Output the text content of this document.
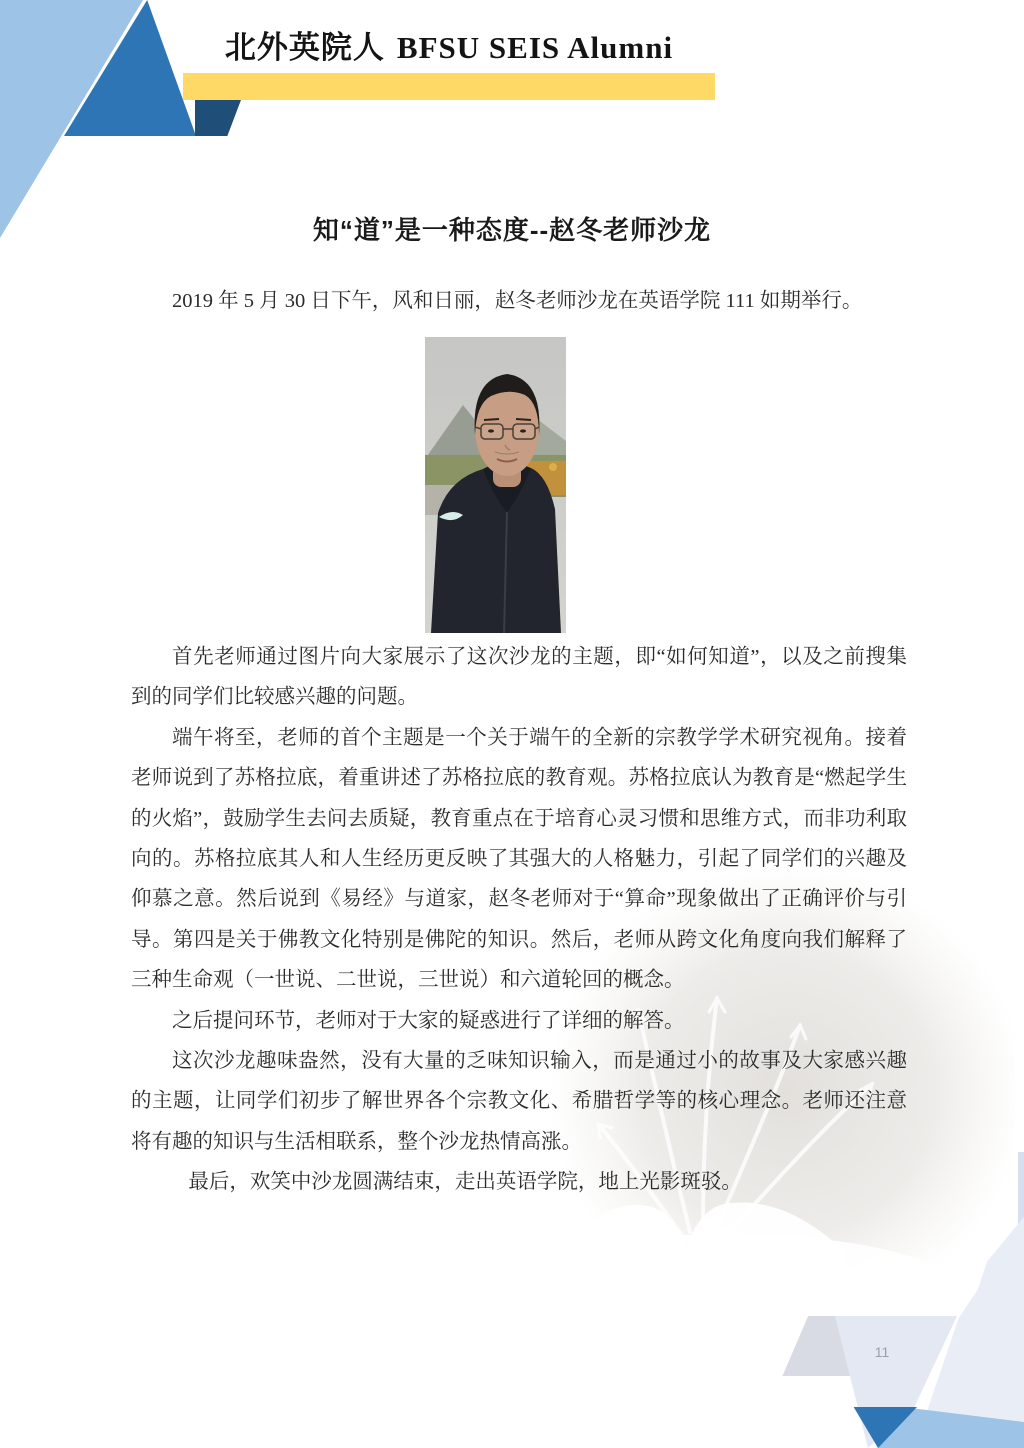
北外英院人 BFSU SEIS Alumni
知“道”是一种态度--赵冬老师沙龙

2019 年 5 月 30 日下午，风和日丽，赵冬老师沙龙在英语学院 111 如期举行。

首先老师通过图片向大家展示了这次沙龙的主题，即“如何知道”，以及之前搜集到的同学们比较感兴趣的问题。

端午将至，老师的首个主题是一个关于端午的全新的宗教学学术研究视角。接着老师说到了苏格拉底，着重讲述了苏格拉底的教育观。苏格拉底认为教育是“燃起学生的火焰”，鼓励学生去问去质疑，教育重点在于培育心灵习惯和思维方式，而非功利取向的。苏格拉底其人和人生经历更反映了其强大的人格魅力，引起了同学们的兴趣及仰慕之意。然后说到《易经》与道家，赵冬老师对于“算命”现象做出了正确评价与引导。第四是关于佛教文化特别是佛陀的知识。然后，老师从跨文化角度向我们解释了三种生命观（一世说、二世说，三世说）和六道轮回的概念。

之后提问环节，老师对于大家的疑惑进行了详细的解答。

这次沙龙趣味盎然，没有大量的乏味知识输入，而是通过小的故事及大家感兴趣的主题，让同学们初步了解世界各个宗教文化、希腊哲学等的核心理念。老师还注意将有趣的知识与生活相联系，整个沙龙热情高涨。

最后，欢笑中沙龙圆满结束，走出英语学院，地上光影斑驳。

11
